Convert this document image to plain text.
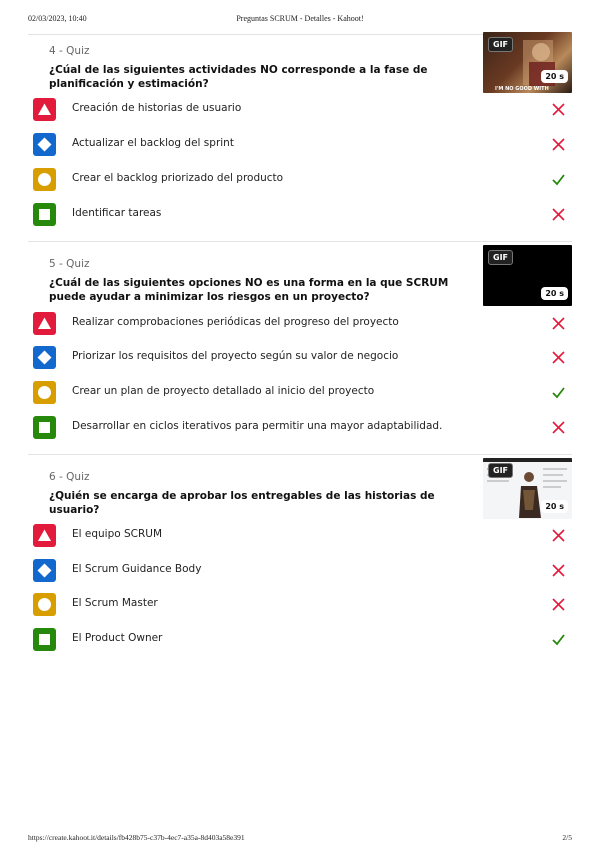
02/03/2023, 10:40	Preguntas SCRUM - Detalles - Kahoot!
4 - Quiz
¿Cúal de las siguientes actividades NO corresponde a la fase de planificación y estimación?
GIF
20 s
I'M NO GOOD WITH
Creación de historias de usuario
Actualizar el backlog del sprint
Crear el backlog priorizado del producto
Identificar tareas
5 - Quiz
¿Cuál de las siguientes opciones NO es una forma en la que SCRUM puede ayudar a minimizar los riesgos en un proyecto?
GIF
20 s
Realizar comprobaciones periódicas del progreso del proyecto
Priorizar los requisitos del proyecto según su valor de negocio
Crear un plan de proyecto detallado al inicio del proyecto
Desarrollar en ciclos iterativos para permitir una mayor adaptabilidad.
6 - Quiz
¿Quién se encarga de aprobar los entregables de las historias de usuario?
GIF
20 s
El equipo SCRUM
El Scrum Guidance Body
El Scrum Master
El Product Owner
https://create.kahoot.it/details/fb428b75-c37b-4ec7-a35a-8d403a58e391	2/5
